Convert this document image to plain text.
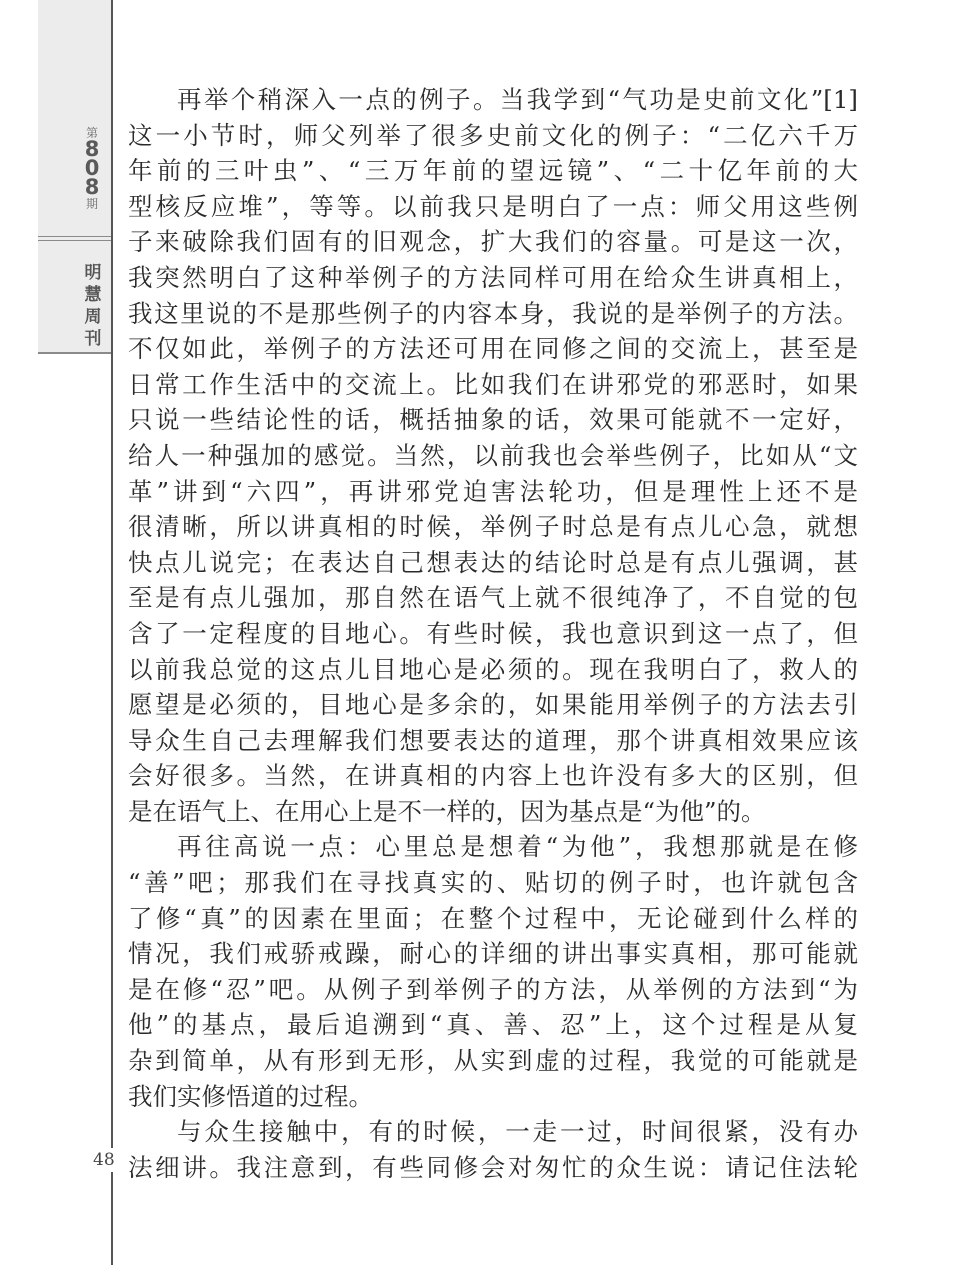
第
8
0
8
期
明
慧
周
刊
48
再举个稍深入一点的例子。当我学到“气功是史前文化”[1]
这一小节时，师父列举了很多史前文化的例子：“二亿六千万
年前的三叶虫”、“三万年前的望远镜”、“二十亿年前的大
型核反应堆”，等等。以前我只是明白了一点：师父用这些例
子来破除我们固有的旧观念，扩大我们的容量。可是这一次，
我突然明白了这种举例子的方法同样可用在给众生讲真相上，
我这里说的不是那些例子的内容本身，我说的是举例子的方法。
不仅如此，举例子的方法还可用在同修之间的交流上，甚至是
日常工作生活中的交流上。比如我们在讲邪党的邪恶时，如果
只说一些结论性的话，概括抽象的话，效果可能就不一定好，
给人一种强加的感觉。当然，以前我也会举些例子，比如从“文
革”讲到“六四”，再讲邪党迫害法轮功，但是理性上还不是
很清晰，所以讲真相的时候，举例子时总是有点儿心急，就想
快点儿说完；在表达自己想表达的结论时总是有点儿强调，甚
至是有点儿强加，那自然在语气上就不很纯净了，不自觉的包
含了一定程度的目地心。有些时候，我也意识到这一点了，但
以前我总觉的这点儿目地心是必须的。现在我明白了，救人的
愿望是必须的，目地心是多余的，如果能用举例子的方法去引
导众生自己去理解我们想要表达的道理，那个讲真相效果应该
会好很多。当然，在讲真相的内容上也许没有多大的区别，但
是在语气上、在用心上是不一样的，因为基点是“为他”的。
再往高说一点：心里总是想着“为他”，我想那就是在修
“善”吧；那我们在寻找真实的、贴切的例子时，也许就包含
了修“真”的因素在里面；在整个过程中，无论碰到什么样的
情况，我们戒骄戒躁，耐心的详细的讲出事实真相，那可能就
是在修“忍”吧。从例子到举例子的方法，从举例的方法到“为
他”的基点，最后追溯到“真、善、忍”上，这个过程是从复
杂到简单，从有形到无形，从实到虚的过程，我觉的可能就是
我们实修悟道的过程。
与众生接触中，有的时候，一走一过，时间很紧，没有办
法细讲。我注意到，有些同修会对匆忙的众生说：请记住法轮
